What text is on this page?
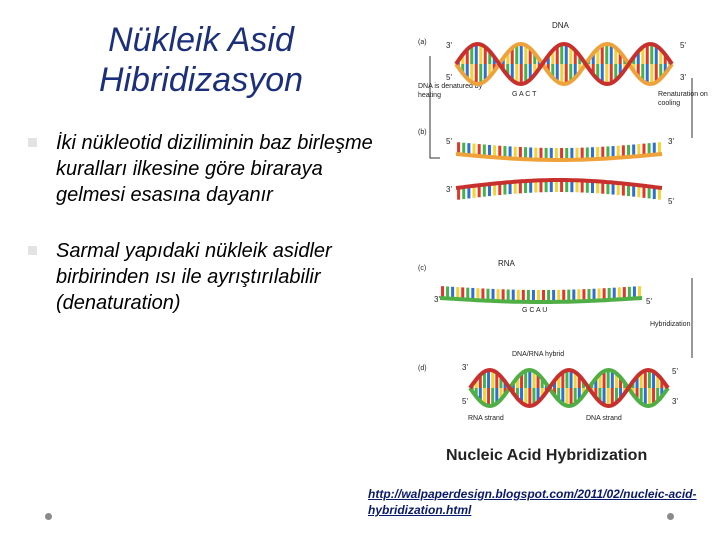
Nükleik Asid Hibridizasyon
İki nükleotid diziliminin baz birleşme kuralları ilkesine göre biraraya gelmesi esasına dayanır
Sarmal yapıdaki nükleik asidler birbirinden ısı ile ayrıştırılabilir (denaturation)
(a)
(b)
(c)
(d)
DNA
3'	5'
5'	3'
G A C T
DNA is denatured by heating	Renaturation on cooling
5'	3'
3'
5'
RNA
3'	5'
G C A U
Hybridization
DNA/RNA hybrid
3'	5'
5'	3'
RNA strand	DNA strand
Nucleic Acid Hybridization
http://walpaperdesign.blogspot.com/2011/02/nucleic-acid-hybridization.html
